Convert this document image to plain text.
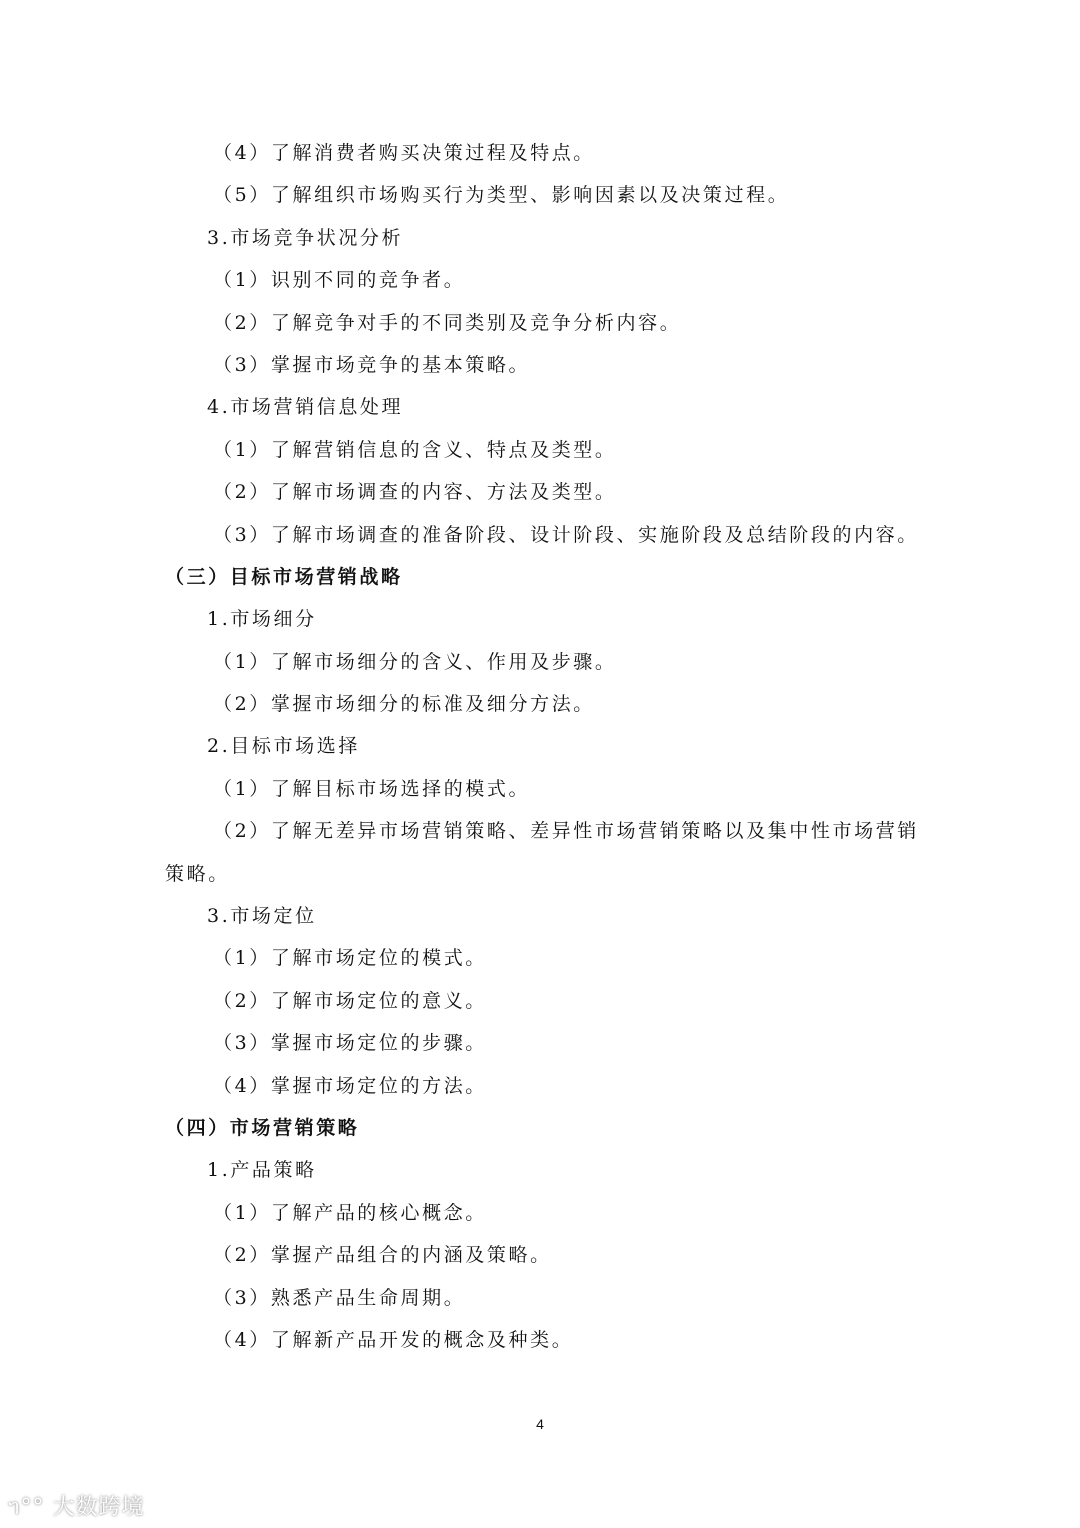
（4）了解消费者购买决策过程及特点。
（5）了解组织市场购买行为类型、影响因素以及决策过程。
3.市场竞争状况分析
（1）识别不同的竞争者。
（2）了解竞争对手的不同类别及竞争分析内容。
（3）掌握市场竞争的基本策略。
4.市场营销信息处理
（1）了解营销信息的含义、特点及类型。
（2）了解市场调查的内容、方法及类型。
（3）了解市场调查的准备阶段、设计阶段、实施阶段及总结阶段的内容。
（三）目标市场营销战略
1.市场细分
（1）了解市场细分的含义、作用及步骤。
（2）掌握市场细分的标准及细分方法。
2.目标市场选择
（1）了解目标市场选择的模式。
（2）了解无差异市场营销策略、差异性市场营销策略以及集中性市场营销
策略。
3.市场定位
（1）了解市场定位的模式。
（2）了解市场定位的意义。
（3）掌握市场定位的步骤。
（4）掌握市场定位的方法。
（四）市场营销策略
1.产品策略
（1）了解产品的核心概念。
（2）掌握产品组合的内涵及策略。
（3）熟悉产品生命周期。
（4）了解新产品开发的概念及种类。
4
ᥐ°° 大数跨境
